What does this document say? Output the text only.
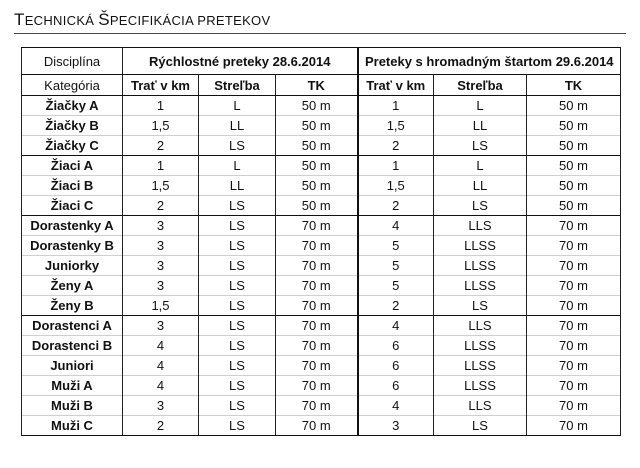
TECHNICKÁ ŠPECIFIKÁCIA PRETEKOV
Disciplína	Rýchlostné preteky 28.6.2014			Preteky s hromadným štartom 29.6.2014		
Kategória	Trať v km	Streľba	TK	Trať v km	Streľba	TK
Žiačky A	1	L	50 m	1	L	50 m
Žiačky B	1,5	LL	50 m	1,5	LL	50 m
Žiačky C	2	LS	50 m	2	LS	50 m
Žiaci A	1	L	50 m	1	L	50 m
Žiaci B	1,5	LL	50 m	1,5	LL	50 m
Žiaci C	2	LS	50 m	2	LS	50 m
Dorastenky A	3	LS	70 m	4	LLS	70 m
Dorastenky B	3	LS	70 m	5	LLSS	70 m
Juniorky	3	LS	70 m	5	LLSS	70 m
Ženy A	3	LS	70 m	5	LLSS	70 m
Ženy B	1,5	LS	70 m	2	LS	70 m
Dorastenci A	3	LS	70 m	4	LLS	70 m
Dorastenci B	4	LS	70 m	6	LLSS	70 m
Juniori	4	LS	70 m	6	LLSS	70 m
Muži A	4	LS	70 m	6	LLSS	70 m
Muži B	3	LS	70 m	4	LLS	70 m
Muži C	2	LS	70 m	3	LS	70 m
